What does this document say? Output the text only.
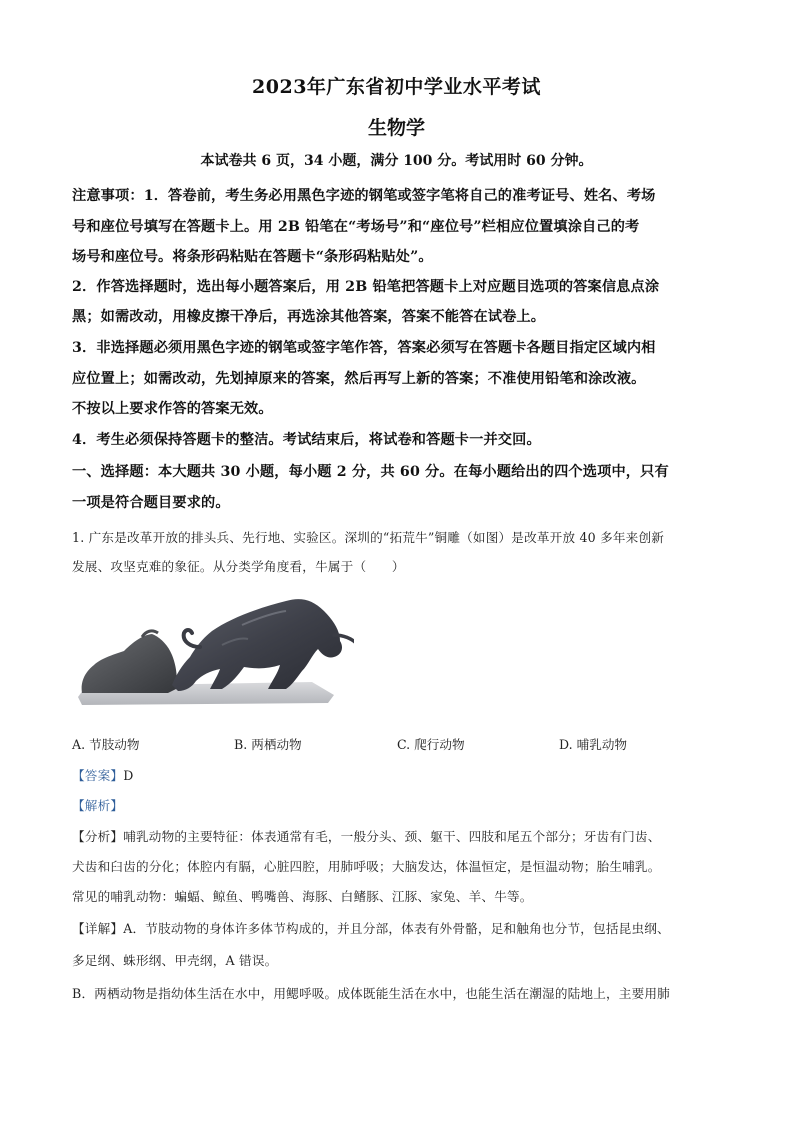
2023年广东省初中学业水平考试
生物学
本试卷共 6 页，34 小题，满分 100 分。考试用时 60 分钟。
注意事项：1．答卷前，考生务必用黑色字迹的钢笔或签字笔将自己的准考证号、姓名、考场
号和座位号填写在答题卡上。用 2B 铅笔在“考场号”和“座位号”栏相应位置填涂自己的考
场号和座位号。将条形码粘贴在答题卡“条形码粘贴处”。
2．作答选择题时，选出每小题答案后，用 2B 铅笔把答题卡上对应题目选项的答案信息点涂
黑；如需改动，用橡皮擦干净后，再选涂其他答案，答案不能答在试卷上。
3．非选择题必须用黑色字迹的钢笔或签字笔作答，答案必须写在答题卡各题目指定区域内相
应位置上；如需改动，先划掉原来的答案，然后再写上新的答案；不准使用铅笔和涂改液。
不按以上要求作答的答案无效。
4．考生必须保持答题卡的整洁。考试结束后，将试卷和答题卡一并交回。
一、选择题：本大题共 30 小题，每小题 2 分，共 60 分。在每小题给出的四个选项中，只有
一项是符合题目要求的。
1. 广东是改革开放的排头兵、先行地、实验区。深圳的“拓荒牛”铜雕（如图）是改革开放 40 多年来创新
发展、攻坚克难的象征。从分类学角度看，牛属于（　　）
A. 节肢动物	B. 两栖动物	C. 爬行动物	D. 哺乳动物
【答案】D
【解析】
【分析】哺乳动物的主要特征：体表通常有毛，一般分头、颈、躯干、四肢和尾五个部分；牙齿有门齿、
犬齿和臼齿的分化；体腔内有膈，心脏四腔，用肺呼吸；大脑发达，体温恒定，是恒温动物；胎生哺乳。
常见的哺乳动物：蝙蝠、鲸鱼、鸭嘴兽、海豚、白鳍豚、江豚、家兔、羊、牛等。
【详解】A．节肢动物的身体许多体节构成的，并且分部，体表有外骨骼，足和触角也分节，包括昆虫纲、
多足纲、蛛形纲、甲壳纲，A 错误。
B．两栖动物是指幼体生活在水中，用鳃呼吸。成体既能生活在水中，也能生活在潮湿的陆地上，主要用肺
